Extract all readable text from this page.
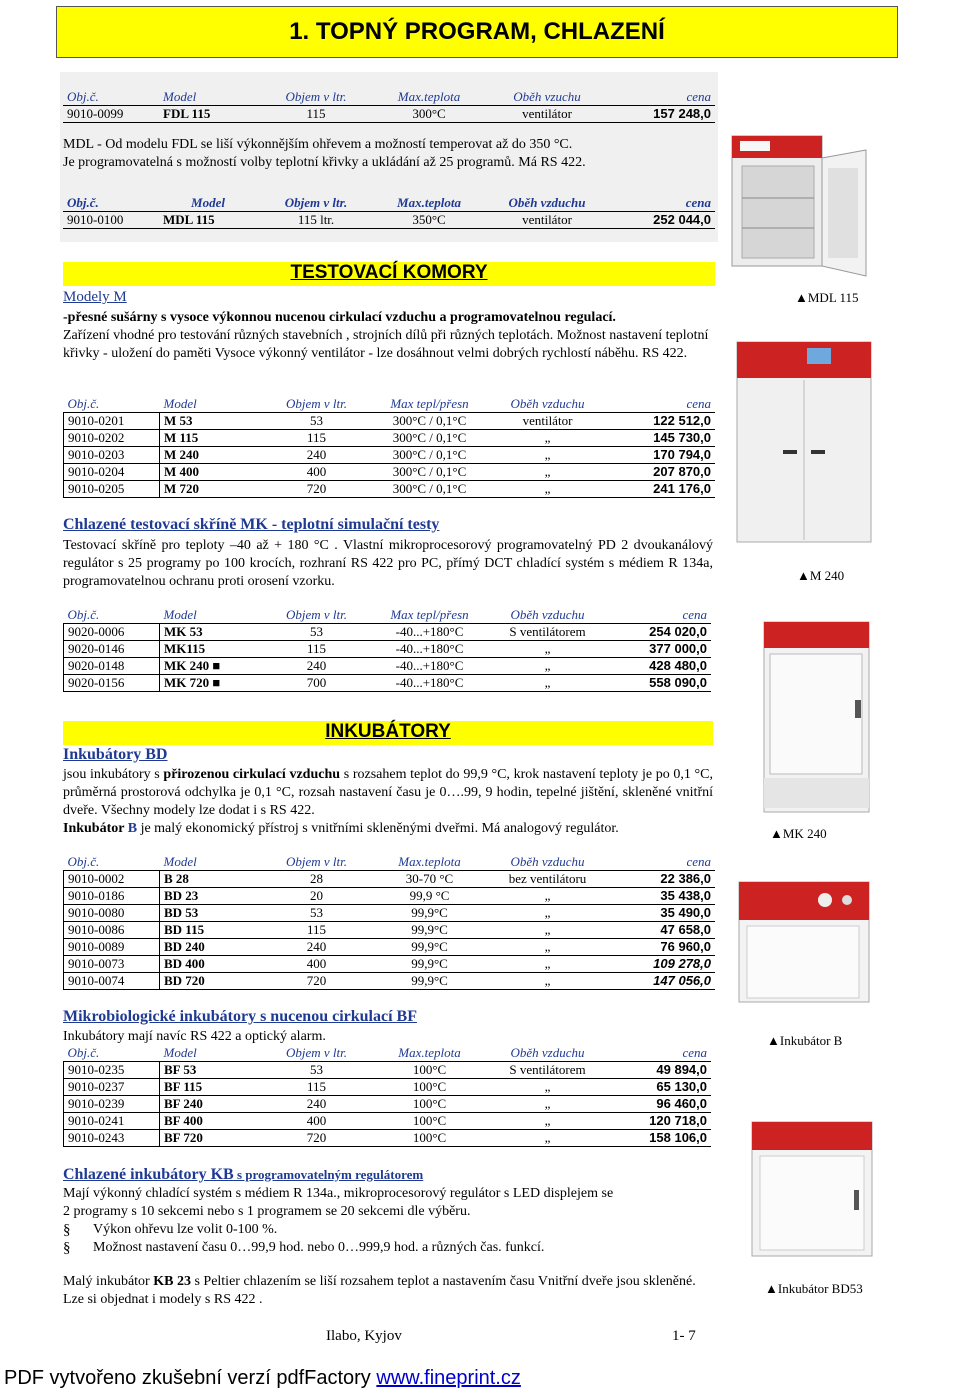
1. TOPNÝ PROGRAM, CHLAZENÍ
Obj.č.	Model	Objem v ltr.	Max.teplota	Oběh vzuchu	cena
9010-0099	FDL 115	115	300°C	ventilátor	157 248,0
MDL - Od modelu FDL se liší výkonnějším ohřevem a možností temperovat až do 350 °C.
Je programovatelná s možností volby teplotní křivky a ukládání až 25 programů. Má RS 422.
Obj.č.	Model	Objem v ltr.	Max.teplota	Oběh vzduchu	cena
9010-0100	MDL 115	115 ltr.	350°C	ventilátor	252 044,0
TESTOVACÍ KOMORY
Modely M
-přesné sušárny s vysoce výkonnou nucenou cirkulací vzduchu a programovatelnou regulací.
Zařízení vhodné pro testování různých stavebních , strojních dílů při různých teplotách. Možnost nastavení teplotní křivky - uložení do paměti Vysoce výkonný ventilátor - lze dosáhnout velmi dobrých rychlostí náběhu. RS 422.
Obj.č.	Model	Objem v ltr.	Max tepl/přesn	Oběh vzduchu	cena
9010-0201	M 53	53	300°C / 0,1°C	ventilátor	122 512,0
9010-0202	M 115	115	300°C / 0,1°C	„	145 730,0
9010-0203	M 240	240	300°C / 0,1°C	„	170 794,0
9010-0204	M 400	400	300°C / 0,1°C	„	207 870,0
9010-0205	M 720	720	300°C / 0,1°C	„	241 176,0
Chlazené testovací skříně MK - teplotní simulační testy
Testovací skříně pro teploty –40 až + 180 °C . Vlastní mikroprocesorový programovatelný PD 2 dvoukanálový regulátor s 25 programy po 100 krocích, rozhraní RS 422 pro PC, přímý DCT chladící systém s médiem R 134a, programovatelnou ochranu proti orosení vzorku.
Obj.č.	Model	Objem v ltr.	Max tepl/přesn	Oběh vzduchu	cena
9020-0006	MK 53	53	-40...+180°C	S ventilátorem	254 020,0
9020-0146	MK115	115	-40...+180°C	„	377 000,0
9020-0148	MK 240 ■	240	-40...+180°C	„	428 480,0
9020-0156	MK 720 ■	700	-40...+180°C	„	558 090,0
INKUBÁTORY
Inkubátory BD
jsou inkubátory s přirozenou cirkulací vzduchu s rozsahem teplot do 99,9 °C, krok nastavení teploty je po 0,1 °C, průměrná prostorová odchylka je 0,1 °C, rozsah nastavení času je 0….99, 9 hodin, tepelné jištění, skleněné vnitřní dveře. Všechny modely lze dodat i s RS 422.
Inkubátor B je malý ekonomický přístroj s vnitřními skleněnými dveřmi. Má analogový regulátor.
Obj.č.	Model	Objem v ltr.	Max.teplota	Oběh vzduchu	cena
9010-0002	B 28	28	30-70 °C	bez ventilátoru	22 386,0
9010-0186	BD 23	20	99,9 °C	„	35 438,0
9010-0080	BD 53	53	99,9°C	„	35 490,0
9010-0086	BD 115	115	99,9°C	„	47 658,0
9010-0089	BD 240	240	99,9°C	„	76 960,0
9010-0073	BD 400	400	99,9°C	„	109 278,0
9010-0074	BD 720	720	99,9°C	„	147 056,0
Mikrobiologické inkubátory s nucenou cirkulací BF
Inkubátory mají navíc RS 422 a optický alarm.
Obj.č.	Model	Objem v ltr.	Max.teplota	Oběh vzduchu	cena
9010-0235	BF 53	53	100°C	S ventilátorem	49 894,0
9010-0237	BF 115	115	100°C	„	65 130,0
9010-0239	BF 240	240	100°C	„	96 460,0
9010-0241	BF 400	400	100°C	„	120 718,0
9010-0243	BF 720	720	100°C	„	158 106,0
Chlazené inkubátory KB s programovatelným regulátorem
Mají výkonný chladící systém s médiem R 134a., mikroprocesorový regulátor s LED displejem se
2 programy s 10 sekcemi nebo s 1 programem se 20 sekcemi dle výběru.
§	Výkon ohřevu lze volit 0-100 %.
§	Možnost nastavení času 0…99,9 hod. nebo 0…999,9 hod. a různých čas. funkcí.
Malý inkubátor KB 23 s Peltier chlazením se liší rozsahem teplot a nastavením času Vnitřní dveře jsou skleněné. Lze si objednat i modely s RS 422 .
Ilabo, Kyjov	1- 7
PDF vytvořeno zkušební verzí pdfFactory www.fineprint.cz
▲MDL 115
▲M 240
▲MK 240
▲Inkubátor B
▲Inkubátor BD53
